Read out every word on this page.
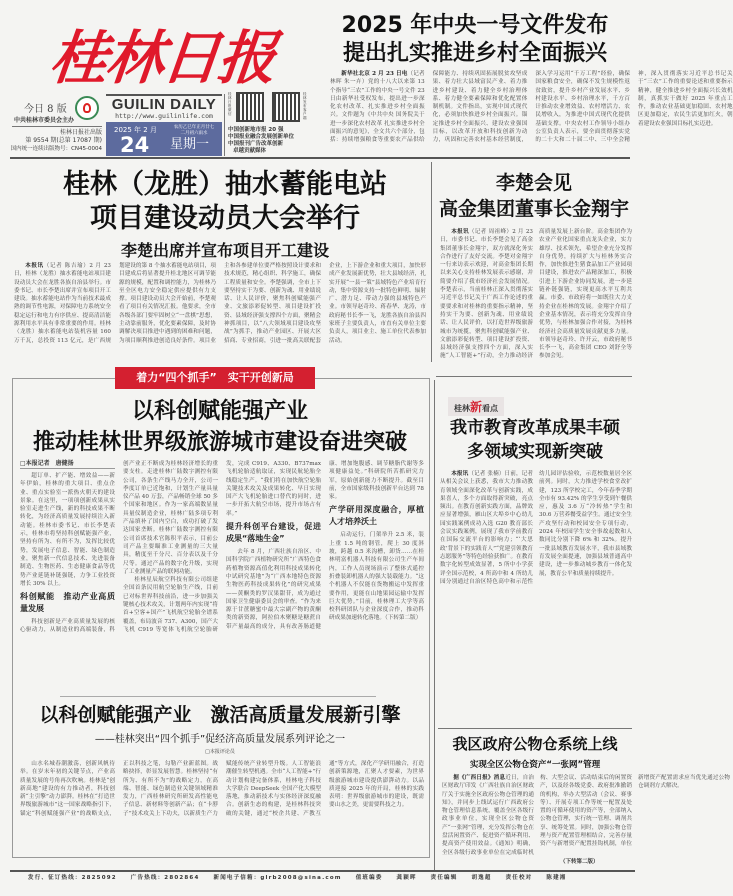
桂林日报
今日 8 版
中共桂林市委员会主办
桂林日报社出版
第 9554 期(总第 17087 期)
国内统一连续出版物号：CN45-0004
GUILIN DAILY
http://www.guilinlife.com
2025 年 2 月	农历乙巳年正月廿七
二月初六雨水
24 星期一
桂林日报微信
桂林发布客户端
中国创新地市报 20 强
中国报业融合发展创新单位
中国报刊广告改革创新
卓越贡献媒体
2025 年中央一号文件发布
提出扎实推进乡村全面振兴

新华社北京 2 月 23 日电（记者 林晖 朱一卉）党的十八大以来第 13 个指导“三农”工作的中央一号文件 23 日由新华社受权发布，提出进一步深化农村改革、扎实推进乡村全面振兴。文件题为《中共中央 国务院关于进一步深化农村改革 扎实推进乡村全面振兴的意见》，全文共六个部分，包括：持续增强粮食等重要农产品供给保障能力、持续巩固拓展脱贫攻坚成果、着力壮大县域富民产业、着力推进乡村建设、着力健全乡村治理体系、着力健全要素保障和优化配置体制机制。文件指出，实现中国式现代化，必须加快推进乡村全面振兴。锚定推进乡村全面振兴、建设农业强国目标，以改革开放和科技创新为动力，巩固和完善农村基本经营制度，深入学习运用“千万工程”经验，确保国家粮食安全，确保不发生规模性返贫致贫，提升乡村产业发展水平、乡村建设水平、乡村治理水平，千方百计推动农业增效益、农村增活力、农民增收入，为推进中国式现代化提供基础支撑。中央农村工作领导小组办公室负责人表示，要全面贯彻落实党的二十大和二十届二中、三中全会精神，深入贯彻落实习近平总书记关于“三农”工作的重要论述和重要指示精神，健全推进乡村全面振兴长效机制，真抓实干做好 2025 年重点工作，推动农业基础更加稳固、农村地区更加稳定，农民生活更加红火，朝着建设农业强国目标扎实迈进。

桂林（龙胜）抽水蓄能电站
项目建设动员大会举行
李楚出席并宣布项目开工建设

本报讯（记者 陈吉瑜）2 月 23 日，桂林（龙胜）抽水蓄能电站项目建设动员大会在龙胜各族自治县举行。市委书记、市长李楚出席并宣布项目开工建设。抽水蓄能电站作为当前技术最成熟的调节性电源，对保障电力系统安全稳定运行和电力有序供应、提高清洁能源利用水平具有非常重要的作用。桂林（龙胜）抽水蓄能电站装机容量 160 万千瓦，总投资 113 亿元，是广西规划建设的第 8 个抽水蓄能电站项目，项目建成后将显著提升桂北地区可调节能源的规模，配置和调控能力，为桂林乃至全区电力安全稳定供应提供有力支撑。项目建设动员大会开始前，李楚观看了项目有关情况汇报。他要求，全市各级各部门要牢固树立“一盘棋”思想，主动靠前服务，优化要素保障，及时协调解决项目推进中遇到的困难和问题，为项目顺利推进创造良好条件。项目业主和各参建单位要严格按照设计要求和技术规范，精心组织、科学施工，确保工程质量和安全。李楚强调，全市上下要坚持实干为要、创新为魂、用业绩说话、让人民评价，聚焦科创赋能强产业、文旅添彩促转型、项目建设扩投资、县域经济强支撑四个方面，聚精会神抓项目，以“八大领域项目建设攻坚战”为抓手，推动产业园区、开展大区招商、专业招商，引进一批高关联配套企业，上下游企业和重大项目，加快形成产业发展新优势，壮大县域经济，扎实开展“一县一策”县域特色产业培育行动，集中资源支持一批特色鲜明、辐射广、潜力足、带动力强的县域特色产业。市领导赵奇玲、蒋春华、龙涛，市政府秘书长李一飞，龙胜各族自治县四家班子主要负责人，市直有关单位主要负责人，项目业主、施工单位代表参加活动。

李楚会见
高金集团董事长金翔宇

本报讯（记者 周祖峰）2 月 23 日，市委书记、市长李楚会见了高金集团董事长金翔宇，双方就深化务实合作进行了友好交流。李楚对金翔宇一行来访表示欢迎，对高金集团长期以来关心支持桂林发展表示感谢，并简要介绍了我市经济社会发展情况。李楚表示，当前桂林正深入贯彻落实习近平总书记关于广西工作论述的重要要求和对桂林的重要指示精神，坚持实干为要、创新为魂、用业绩说话、让人民评价，以打造世界级旅游城市为统揽，聚焦科创赋能强产业、文旅添彩促转型、项目建设扩投资、县域经济强支撑四个方面，深入实施“人工智能+”行动，全力推动经济高质量发展上新台阶。高金集团作为农业产业化国家重点龙头企业，实力雄厚、技术领先，希望企业充分发挥自身优势，持续扩大与桂林务实合作，加快推进生猪食品加工产业园项目建设，推进农产品精深加工，积极引进上下游企业协同发展，进一步延链补链强链，实现更高水平互利共赢。市委、市政府将一如既往大力支持企业在桂林的发展。金翔宇介绍了企业基本情况，表示将充分发挥自身优势，与桂林加强合作对接，为桂林经济社会高质量发展贡献更多力量。市领导赵奇玲、许开云，市政府秘书长李一飞，高金集团 CEO 刘舒全等参加会见。

着力“四个抓手”　实干开创新局
以科创赋能强产业
推动桂林世界级旅游城市建设奋进突破
□本报记者　唐健扬

超订单、扩产能、增效益——新年伊始，桂林的重大项目、重点企业、重点实验室一派热火朝天的建设景象。在这里，一项项创新成果从实验室走进生产线，新的科技成果不断转化，为经济高质量发展持续注入新动能。桂林市委书记、市长李楚表示，桂林市将坚持科创赋能强产业，坚持有所为、有所不为，发挥比较优势，发展电子信息、智能、绿色制造业，聚焦新一代信息技术、先进装备制造、生物医药、生态健康食品等优势产业延链补链强链，力争工业投资增长 30% 以上。

科创赋能　推动产业高质量发展

科技创新是产业高质量发展的核心驱动力，从制造业的高端装备，科创产业正不断成为桂林经济增长的重要支柱。走进桂林广陆数字测控有限公司，各条生产线马力全开，公司一季度订单已近饱和，计划生产量具量仪产品 40 万套，产品畅销全球 50 多个国家和地区。作为一家高端数显量具量仪制造企业，桂林广陆多项专利产品填补了国内空白，成功打破了发达国家垄断。桂林广陆数字测控有限公司首席技术官陈积平表示，目前公司产品主要瞄准工业测量的三大量具，精度至千分尺、百分表以及千分尺等。通过产品的数字化升级，实现了工业测量产品的联网功能。

桂林星辰航空科技有限公司组建全国首条民用航空轮胎生产线，目前已对标世界科技前沿，进一步加强关键核心技术攻关，计划两年内实现“将首+空客+国产”飞机航空轮胎全谱系覆盖，布局波音 737、A300，国产大飞机 C919 等宽体飞机航空轮胎研发，完成 C919、A330、B737max 飞机轮胎适航取证，实现民航轮胎全线稳定生产。“我们将在加快航空轮胎关键技术攻关及成果转化、早日实现国产大飞机轮胎进口替代的同时，进一步开拓大航空市场，提升市场占有率。”

提升科创平台建设，促进成果“落地生金”

去年 8 月，广西壮族自治区、中国科学院广西植物研究所“广西特色食药植物资源高值化利用科技成果转化中试研究基地”为“广西本地特色资源生物医药科技成果转化”的研究成果——黄酮类的罗汉果甜苷，成为通过国家卫生健康委员会的审查。“作为来源于甘蔗糖蜜中最大宗副产物的黄酮类的新资源，阿拉伯木聚糖是糖蔗自带产量最高的成分，具有改善肠道健康、增加饱腹感、调节糖脂代谢等多项健康益处。”科研院所苦抓研究力军，原始创新能力不断提升。截至目前，全市国家级科技创新平台达到 78 家。

产学研用深度融合，厚植人才培养沃土

启动运行，门架举升 2.5 米，装上重 1.5 吨的钢管，爬上 30 度斜坡，跨越 0.5 米沟槽，卸货……在桂林明富机器人科技有限公司生产车间内，工作人员现场演示了整体式遥控折叠装卸机器人的强大装载能力。“这个机器人不仅能在货物搬运中发挥重要作用，更能在山地果园运输中发挥巨大优势。”目前，桂林理工大学等高校科研团队与企业深度合作，推动科研成果加速转化落地。（下转第二版）

以科创赋能强产业　激活高质量发展新引擎
——桂林突出“四个抓手”促经济高质量发展系列评论之一
□本报评论员

山水名城春潮激荡，创新风帆待举。在岁末年初的关键节点，产业高质量发展的号角再次吹响。桂林是“创新高地”建设的有力推动者，科技创新“主引擎”动力澎湃。桂林在“打造世界级旅游城市”这一国家战略指引下，锚定“科创赋能强产业”的战略支点，正以科技之笔，勾勒产业新蓝图。战略抉择，彰显发展智慧。桂林坚持“有所为、有所不为”的战略定力，在高端、智能、绿色制造业关键领域精准发力，广西桂林研究所研发高性能电子信息、新材料等创新产品；在“卡脖子”技术攻关上下功夫，以新质生产力赋能传统产业转型升级。人工智能浪潮催生转型机遇。全市“人工智能+”行动计划构建完备体系，桂林电子科技大学联合 DeepSeek 全国产化大模型落地，推动新技术与实体经济深度融合。创新生态的构建，是桂林科技突破的关键，通过“校企共建、产教互通”等方式，深化产学研用融合，打造创新策源地，汇聚人才要素，为世界级旅游城市建设提供澎湃动力。以品质迎接 2025 年的开局，桂林的实践表明：世界级旅游城市的建设，既需要山水之美，更需要科技之力。

桂林新看点
我市教育改革成果丰硕
多领域实现新突破

本报讯（记者 张楠）日前，记者从相关会议上获悉，我市大力推动教育领域全面深化改革与创新实践，成果喜人，多个方面取得新突破，亮点频出。在教育创新实践方面，品牌效应显著增强，雁山区大埠乡中心幼儿园实践案例成功入选 G20 教育部长会议实践案例，展现了我市学前教育在国际交流平台的影响力；“‘大思政’背景下的实践育人”“党建引领教育志愿服务”等特色经验获推广。在教育数字化转型成效显著，5 所中小学获评全国示范校，4 所高中和 4 所幼儿园分别通过自治区特色高中和示范性幼儿园评估验收，示范校数量居全区前列。同时，大力推进学校食堂改扩建，123 所学校完工，今年春季学期全市有 93.42% 的学生享受到午餐供应，惠及 3.6 万“冷转热”学生和 30.6 万营养餐受益学生。通过安全生产攻坚行动和校园安全专项行动，2024 年校园学生安全事故起数和人数同比分别下降 6% 和 32%。提升一批县域教育发展水平，我市县域教育发展全面提速，加强县域普通高中建设，进一步推动城乡教育一体化发展，教育公平和质量持续提升。

我区政府公物仓系统上线
实现全区公物仓资产“一张网”管理

据《广西日报》消息近日，自治区财政厅印发《广西壮族自治区财政厅关于实施全区政府公物仓管理的通知》，并同步上线试运行广西政府公物仓管理信息系统，覆盖全区各级行政事业单位，实现全区公物仓资产“一张网”管理，充分发挥公物仓在盘活闲置资产、促进资产循环利用、提高资产使用效益。《通知》明确，全区各级行政事业单位在完成临时机构、大型会议、活动结束后的闲置资产，以及经各级党委、政府批准撤销的机构，举办大型活动（会议、赛事等）、开展专项工作等统一配置及处置的可循环使用的资产等，全部纳入公物仓管理，实行统一管理、调剂共享、统筹处置。同时，加强公物仓管理与资产配置管理相结合，完善存量资产与新增资产配置挂钩机制，单位新增资产配置需求应当优先通过公物仓调剂方式解决。

（下转第二版）
发行、征订热线：2825092	广告热线：2802864	新闻电子信箱：glrb2008@sina.com	值班编委	龚颖晖	责任编辑	胡逸超	责任校对	陈建湘
